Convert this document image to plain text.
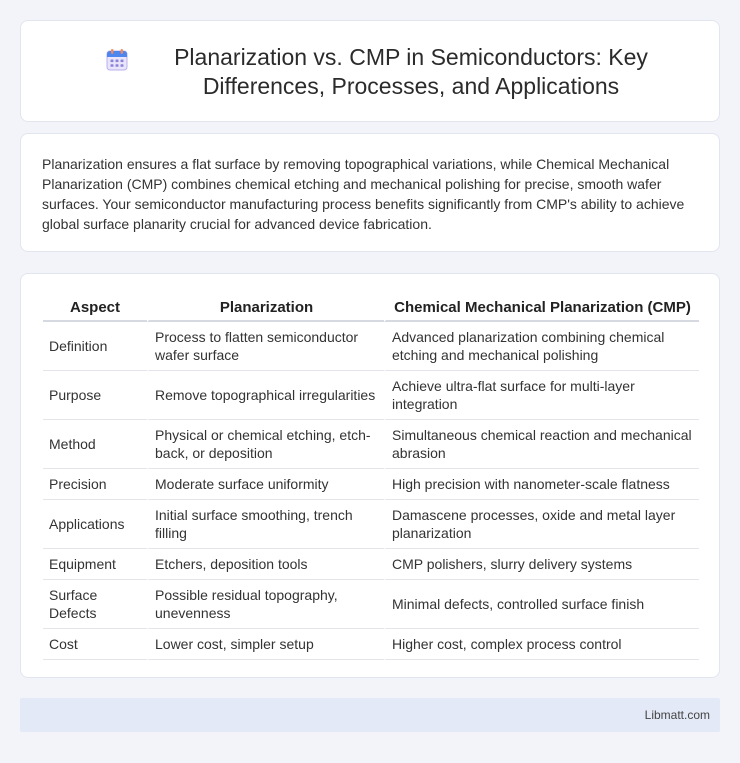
Planarization vs. CMP in Semiconductors: Key Differences, Processes, and Applications

Planarization ensures a flat surface by removing topographical variations, while Chemical Mechanical Planarization (CMP) combines chemical etching and mechanical polishing for precise, smooth wafer surfaces. Your semiconductor manufacturing process benefits significantly from CMP's ability to achieve global surface planarity crucial for advanced device fabrication.

Aspect	Planarization	Chemical Mechanical Planarization (CMP)
Definition	Process to flatten semiconductor wafer surface	Advanced planarization combining chemical etching and mechanical polishing
Purpose	Remove topographical irregularities	Achieve ultra-flat surface for multi-layer integration
Method	Physical or chemical etching, etch-back, or deposition	Simultaneous chemical reaction and mechanical abrasion
Precision	Moderate surface uniformity	High precision with nanometer-scale flatness
Applications	Initial surface smoothing, trench filling	Damascene processes, oxide and metal layer planarization
Equipment	Etchers, deposition tools	CMP polishers, slurry delivery systems
Surface Defects	Possible residual topography, unevenness	Minimal defects, controlled surface finish
Cost	Lower cost, simpler setup	Higher cost, complex process control
Libmatt.com
